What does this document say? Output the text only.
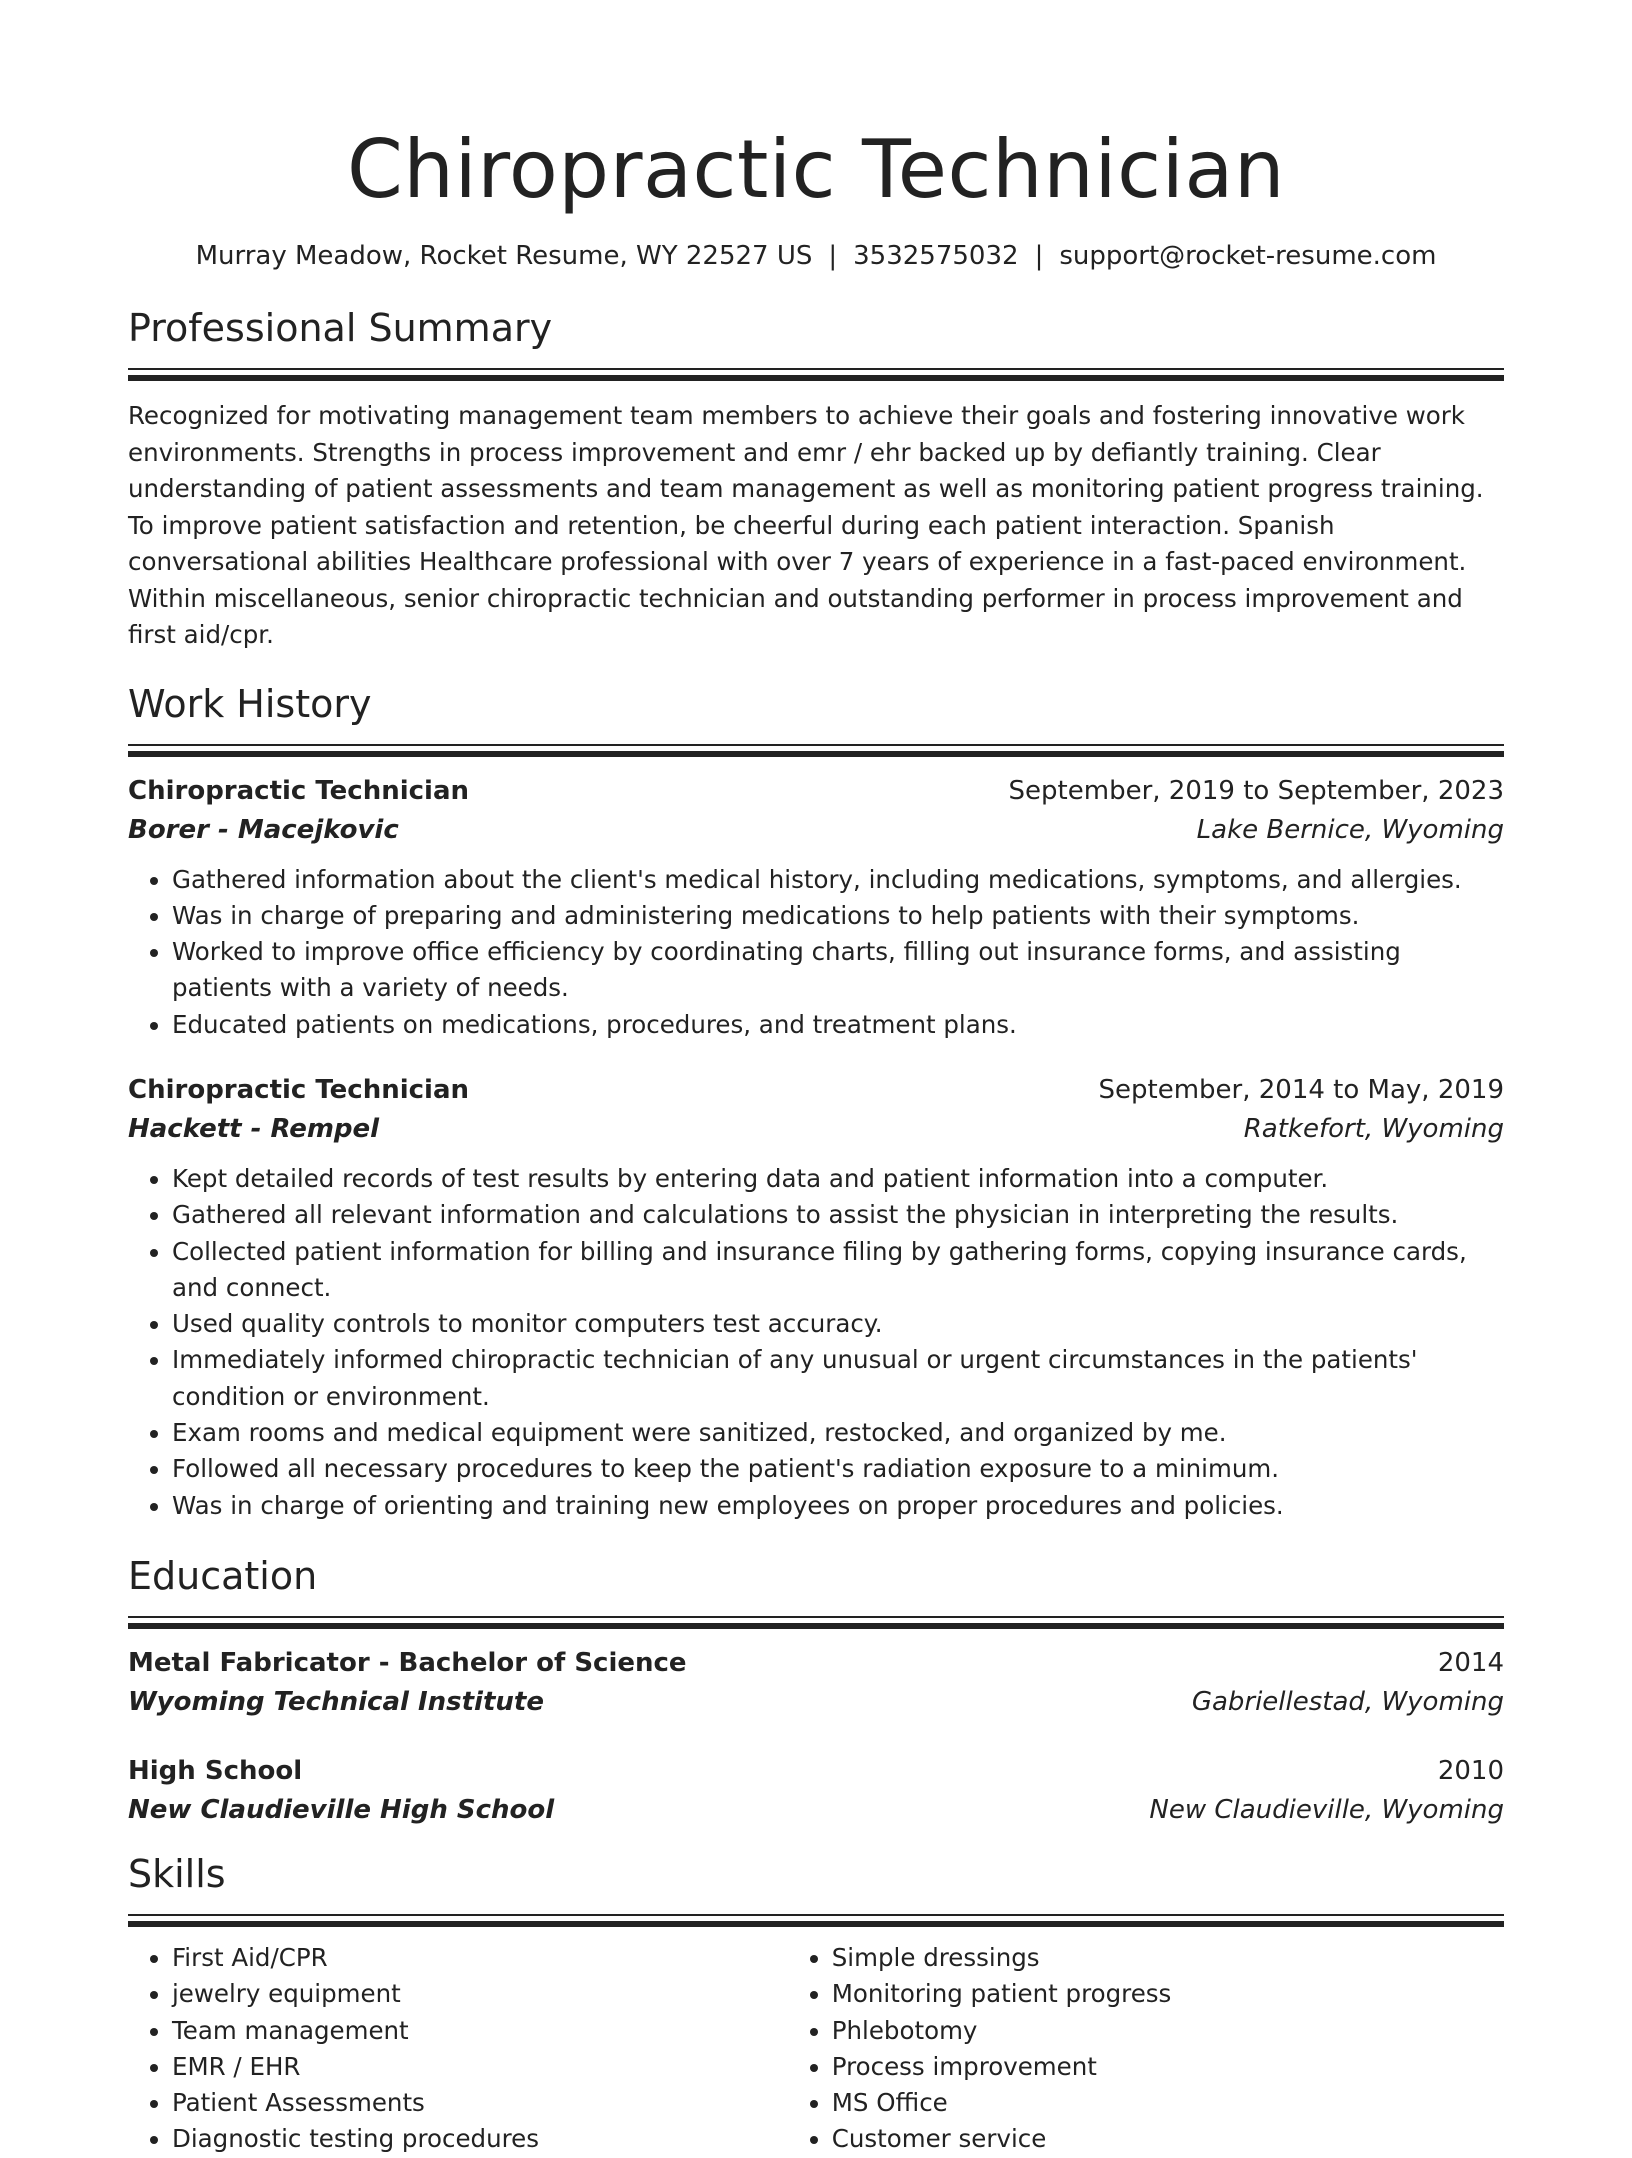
Chiropractic Technician
Murray Meadow, Rocket Resume, WY 22527 US | 3532575032 | support@rocket-resume.com
Professional Summary
Recognized for motivating management team members to achieve their goals and fostering innovative work environments. Strengths in process improvement and emr / ehr backed up by defiantly training. Clear understanding of patient assessments and team management as well as monitoring patient progress training. To improve patient satisfaction and retention, be cheerful during each patient interaction. Spanish conversational abilities Healthcare professional with over 7 years of experience in a fast-paced environment. Within miscellaneous, senior chiropractic technician and outstanding performer in process improvement and first aid/cpr.
Work History
Chiropractic Technician	September, 2019 to September, 2023
Borer - Macejkovic	Lake Bernice, Wyoming
• Gathered information about the client's medical history, including medications, symptoms, and allergies.
• Was in charge of preparing and administering medications to help patients with their symptoms.
• Worked to improve office efficiency by coordinating charts, filling out insurance forms, and assisting patients with a variety of needs.
• Educated patients on medications, procedures, and treatment plans.
Chiropractic Technician	September, 2014 to May, 2019
Hackett - Rempel	Ratkefort, Wyoming
• Kept detailed records of test results by entering data and patient information into a computer.
• Gathered all relevant information and calculations to assist the physician in interpreting the results.
• Collected patient information for billing and insurance filing by gathering forms, copying insurance cards, and connect.
• Used quality controls to monitor computers test accuracy.
• Immediately informed chiropractic technician of any unusual or urgent circumstances in the patients' condition or environment.
• Exam rooms and medical equipment were sanitized, restocked, and organized by me.
• Followed all necessary procedures to keep the patient's radiation exposure to a minimum.
• Was in charge of orienting and training new employees on proper procedures and policies.
Education
Metal Fabricator - Bachelor of Science	2014
Wyoming Technical Institute	Gabriellestad, Wyoming
High School	2010
New Claudieville High School	New Claudieville, Wyoming
Skills
• First Aid/CPR
• jewelry equipment
• Team management
• EMR / EHR
• Patient Assessments
• Diagnostic testing procedures
• Simple dressings
• Monitoring patient progress
• Phlebotomy
• Process improvement
• MS Office
• Customer service
